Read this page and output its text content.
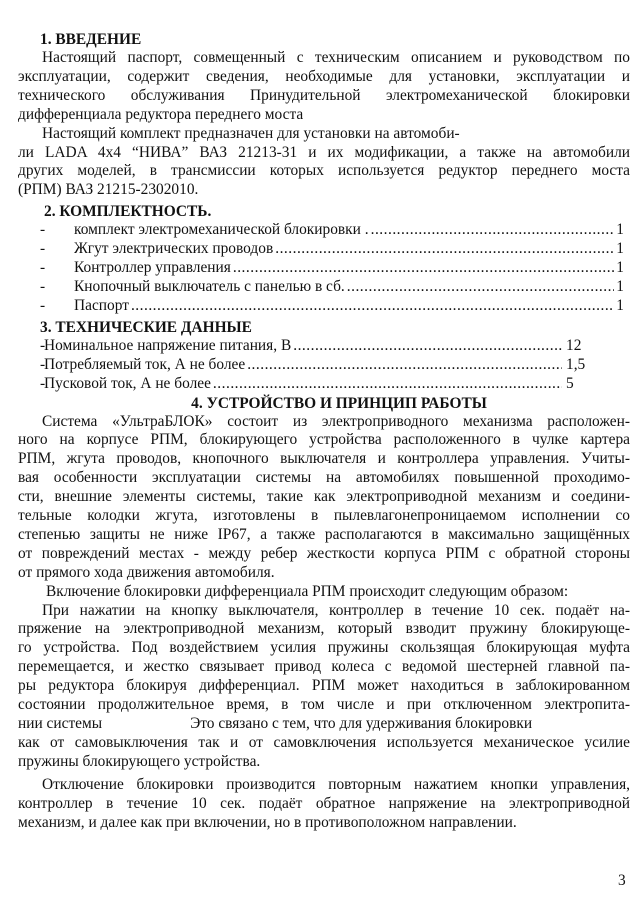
1. ВВЕДЕНИЕ
Настоящий паспорт, совмещенный с техническим описанием и руководством по
эксплуатации, содержит сведения, необходимые для установки, эксплуатации и
технического обслуживания Принудительной электромеханической блокировки
дифференциала редуктора переднего моста
Настоящий комплект предназначен для установки на автомоби-
ли LADA 4x4 “НИВА” ВАЗ 21213-31 и их модификации, а также на автомобили
других моделей, в трансмиссии которых используется редуктор переднего моста
(РПМ) ВАЗ 21215-2302010.
2. КОМПЛЕКТНОСТЬ.
-	комплект электромеханической блокировки . .....	1
-	Жгут электрических проводов .....	1
-	Контроллер управления .....	1
-	Кнопочный выключатель с панелью в сб. .....	1
-	Паспорт .....	1
3. ТЕХНИЧЕСКИЕ ДАННЫЕ
-
Номинальное напряжение питания, В .....	12
-
Потребляемый ток, А не более .....	1,5
-
Пусковой ток, А не более .....	5
4. УСТРОЙСТВО И ПРИНЦИП РАБОТЫ
Система «УльтраБЛОК» состоит из электроприводного механизма расположен-
ного на корпусе РПМ, блокирующего устройства расположенного в чулке картера
РПМ, жгута проводов, кнопочного выключателя и контроллера управления. Учиты-
вая особенности эксплуатации системы на автомобилях повышенной проходимо-
сти, внешние элементы системы, такие как электроприводной механизм и соедини-
тельные колодки жгута, изготовлены в пылевлагонепроницаемом исполнении со
степенью защиты не ниже IP67, а также располагаются в максимально защищённых
от повреждений местах - между ребер жесткости корпуса РПМ с обратной стороны
от прямого хода движения автомобиля.
Включение блокировки дифференциала РПМ происходит следующим образом:
При нажатии на кнопку выключателя, контроллер в течение 10 сек. подаёт на-
пряжение на электроприводной механизм, который взводит пружину блокирующе-
го устройства. Под воздействием усилия пружины скользящая блокирующая муфта
перемещается, и жестко связывает привод колеса с ведомой шестерней главной па-
ры редуктора блокируя дифференциал. РПМ может находиться в заблокированном
состоянии продолжительное время, в том числе и при отключенном электропита-
нии системы	Это связано с тем, что для удерживания блокировки
как от самовыключения так и от самовключения используется механическое усилие
пружины блокирующего устройства.
Отключение блокировки производится повторным нажатием кнопки управления,
контроллер в течение 10 сек. подаёт обратное напряжение на электроприводной
механизм, и далее как при включении, но в противоположном направлении.
3
